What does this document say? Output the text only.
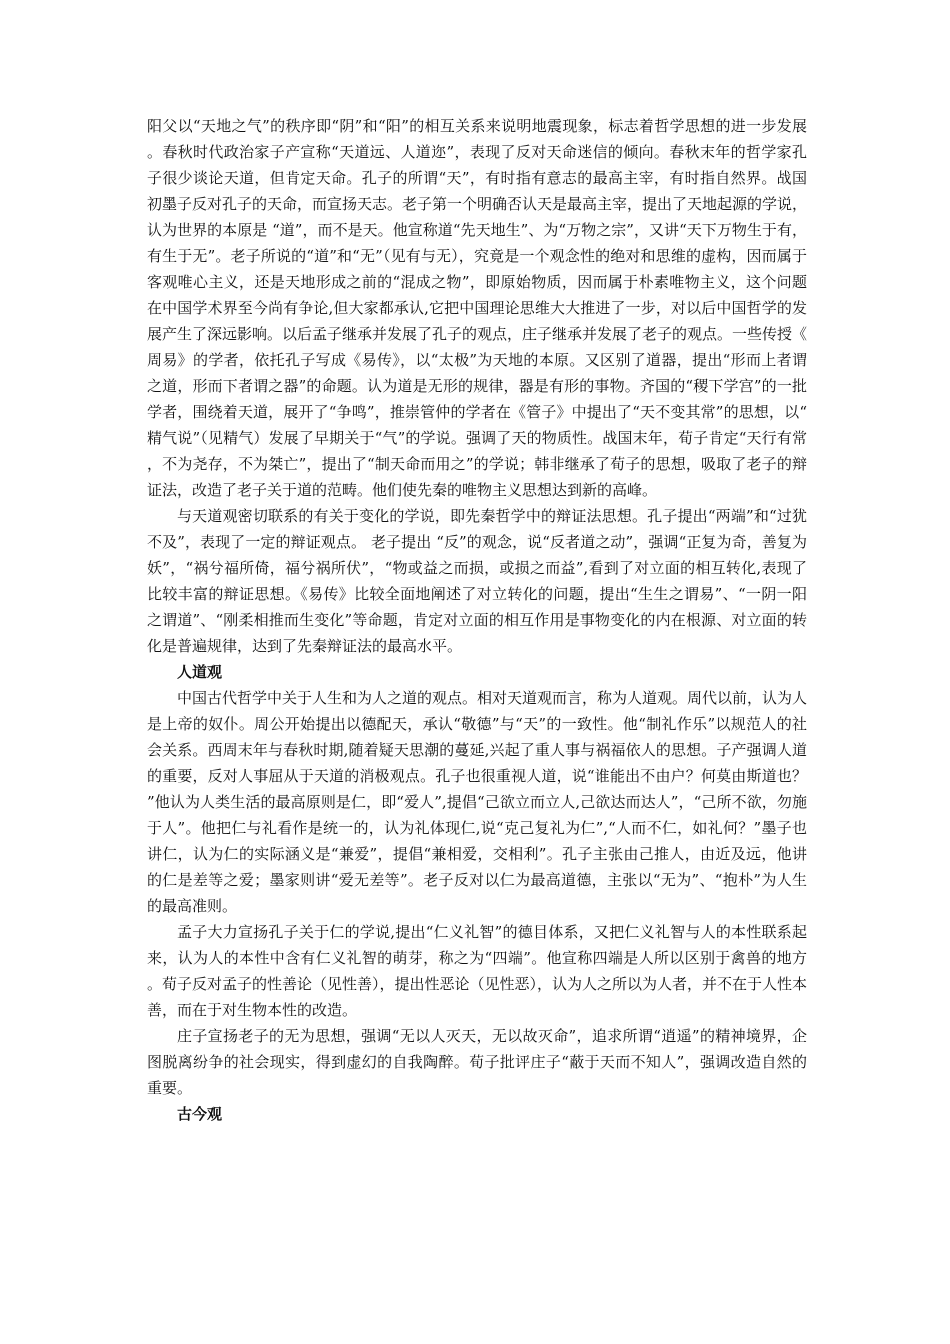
阳父以“天地之气”的秩序即“阴”和“阳”的相互关系来说明地震现象，标志着哲学思想的进一步发展。春秋时代政治家子产宣称“天道远、人道迩”，表现了反对天命迷信的倾向。春秋末年的哲学家孔子很少谈论天道，但肯定天命。孔子的所谓“天”，有时指有意志的最高主宰，有时指自然界。战国初墨子反对孔子的天命，而宣扬天志。老子第一个明确否认天是最高主宰，提出了天地起源的学说， 认为世界的本原是 “道”，而不是天。他宣称道“先天地生”、为“万物之宗”，又讲“天下万物生于有，有生于无”。老子所说的“道”和“无”（见有与无），究竟是一个观念性的绝对和思维的虚构，因而属于客观唯心主义，还是天地形成之前的“混成之物”，即原始物质，因而属于朴素唯物主义，这个问题在中国学术界至今尚有争论,但大家都承认,它把中国理论思维大大推进了一步，对以后中国哲学的发展产生了深远影响。以后孟子继承并发展了孔子的观点，庄子继承并发展了老子的观点。一些传授《周易》的学者，依托孔子写成《易传》，以“太极”为天地的本原。又区别了道器，提出“形而上者谓之道，形而下者谓之器”的命题。认为道是无形的规律，器是有形的事物。齐国的“稷下学宫”的一批学者，围绕着天道，展开了“争鸣”，推崇管仲的学者在《管子》中提出了“天不变其常”的思想，以“精气说”（见精气）发展了早期关于“气”的学说。强调了天的物质性。战国末年，荀子肯定“天行有常，不为尧存，不为桀亡”，提出了“制天命而用之”的学说；韩非继承了荀子的思想，吸取了老子的辩证法，改造了老子关于道的范畴。他们使先秦的唯物主义思想达到新的高峰。

与天道观密切联系的有关于变化的学说，即先秦哲学中的辩证法思想。孔子提出“两端”和“过犹不及”，表现了一定的辩证观点。 老子提出 “反”的观念，说“反者道之动”，强调“正复为奇，善复为妖”，“祸兮福所倚，福兮祸所伏”，“物或益之而损，或损之而益”,看到了对立面的相互转化,表现了比较丰富的辩证思想。《易传》比较全面地阐述了对立转化的问题，提出“生生之谓易”、“一阴一阳之谓道”、“刚柔相推而生变化”等命题，肯定对立面的相互作用是事物变化的内在根源、对立面的转化是普遍规律，达到了先秦辩证法的最高水平。

人道观

中国古代哲学中关于人生和为人之道的观点。相对天道观而言，称为人道观。周代以前，认为人是上帝的奴仆。周公开始提出以德配天，承认“敬德”与“天”的一致性。他“制礼作乐”以规范人的社会关系。西周末年与春秋时期,随着疑天思潮的蔓延,兴起了重人事与祸福依人的思想。子产强调人道的重要，反对人事屈从于天道的消极观点。孔子也很重视人道，说“谁能出不由户？何莫由斯道也？”他认为人类生活的最高原则是仁，即“爱人”,提倡“己欲立而立人,己欲达而达人”，“己所不欲，勿施于人”。他把仁与礼看作是统一的，认为礼体现仁,说“克己复礼为仁”,“人而不仁，如礼何？”墨子也讲仁，认为仁的实际涵义是“兼爱”，提倡“兼相爱，交相利”。孔子主张由己推人，由近及远，他讲的仁是差等之爱；墨家则讲“爱无差等”。老子反对以仁为最高道德，主张以“无为”、“抱朴”为人生的最高准则。

孟子大力宣扬孔子关于仁的学说,提出“仁义礼智”的德目体系，又把仁义礼智与人的本性联系起来，认为人的本性中含有仁义礼智的萌芽，称之为“四端”。他宣称四端是人所以区别于禽兽的地方。荀子反对孟子的性善论（见性善），提出性恶论（见性恶），认为人之所以为人者，并不在于人性本善，而在于对生物本性的改造。

庄子宣扬老子的无为思想，强调“无以人灭天，无以故灭命”，追求所谓“逍遥”的精神境界，企图脱离纷争的社会现实，得到虚幻的自我陶醉。荀子批评庄子“蔽于天而不知人”，强调改造自然的重要。

古今观
